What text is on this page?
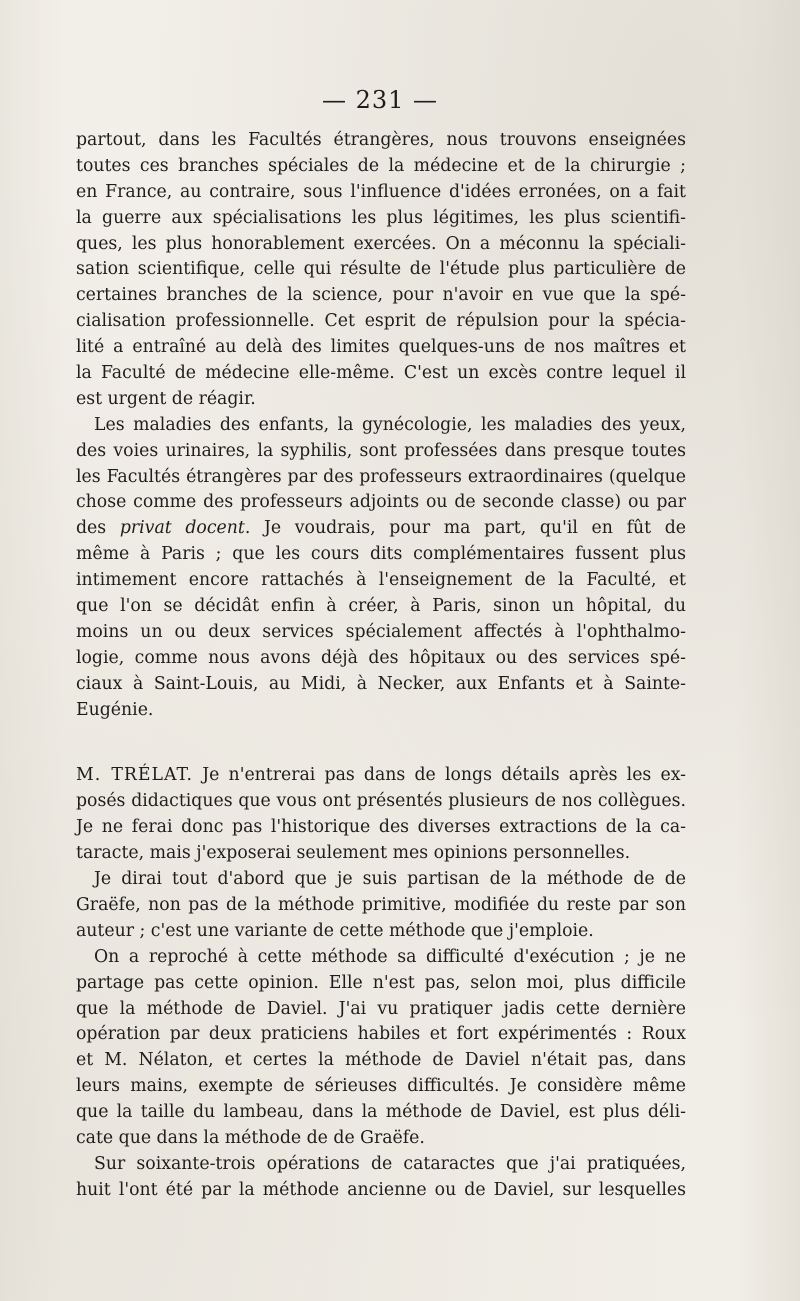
— 231 —
partout, dans les Facultés étrangères, nous trouvons enseignées
toutes ces branches spéciales de la médecine et de la chirurgie ;
en France, au contraire, sous l'influence d'idées erronées, on a fait
la guerre aux spécialisations les plus légitimes, les plus scientifi-
ques, les plus honorablement exercées. On a méconnu la spéciali-
sation scientifique, celle qui résulte de l'étude plus particulière de
certaines branches de la science, pour n'avoir en vue que la spé-
cialisation professionnelle. Cet esprit de répulsion pour la spécia-
lité a entraîné au delà des limites quelques-uns de nos maîtres et
la Faculté de médecine elle-même. C'est un excès contre lequel il
est urgent de réagir.
Les maladies des enfants, la gynécologie, les maladies des yeux,
des voies urinaires, la syphilis, sont professées dans presque toutes
les Facultés étrangères par des professeurs extraordinaires (quelque
chose comme des professeurs adjoints ou de seconde classe) ou par
des privat docent. Je voudrais, pour ma part, qu'il en fût de
même à Paris ; que les cours dits complémentaires fussent plus
intimement encore rattachés à l'enseignement de la Faculté, et
que l'on se décidât enfin à créer, à Paris, sinon un hôpital, du
moins un ou deux services spécialement affectés à l'ophthalmo-
logie, comme nous avons déjà des hôpitaux ou des services spé-
ciaux à Saint-Louis, au Midi, à Necker, aux Enfants et à Sainte-
Eugénie.
M. TRÉLAT. Je n'entrerai pas dans de longs détails après les ex-
posés didactiques que vous ont présentés plusieurs de nos collègues.
Je ne ferai donc pas l'historique des diverses extractions de la ca-
taracte, mais j'exposerai seulement mes opinions personnelles.
Je dirai tout d'abord que je suis partisan de la méthode de de
Graëfe, non pas de la méthode primitive, modifiée du reste par son
auteur ; c'est une variante de cette méthode que j'emploie.
On a reproché à cette méthode sa difficulté d'exécution ; je ne
partage pas cette opinion. Elle n'est pas, selon moi, plus difficile
que la méthode de Daviel. J'ai vu pratiquer jadis cette dernière
opération par deux praticiens habiles et fort expérimentés : Roux
et M. Nélaton, et certes la méthode de Daviel n'était pas, dans
leurs mains, exempte de sérieuses difficultés. Je considère même
que la taille du lambeau, dans la méthode de Daviel, est plus déli-
cate que dans la méthode de de Graëfe.
Sur soixante-trois opérations de cataractes que j'ai pratiquées,
huit l'ont été par la méthode ancienne ou de Daviel, sur lesquelles
